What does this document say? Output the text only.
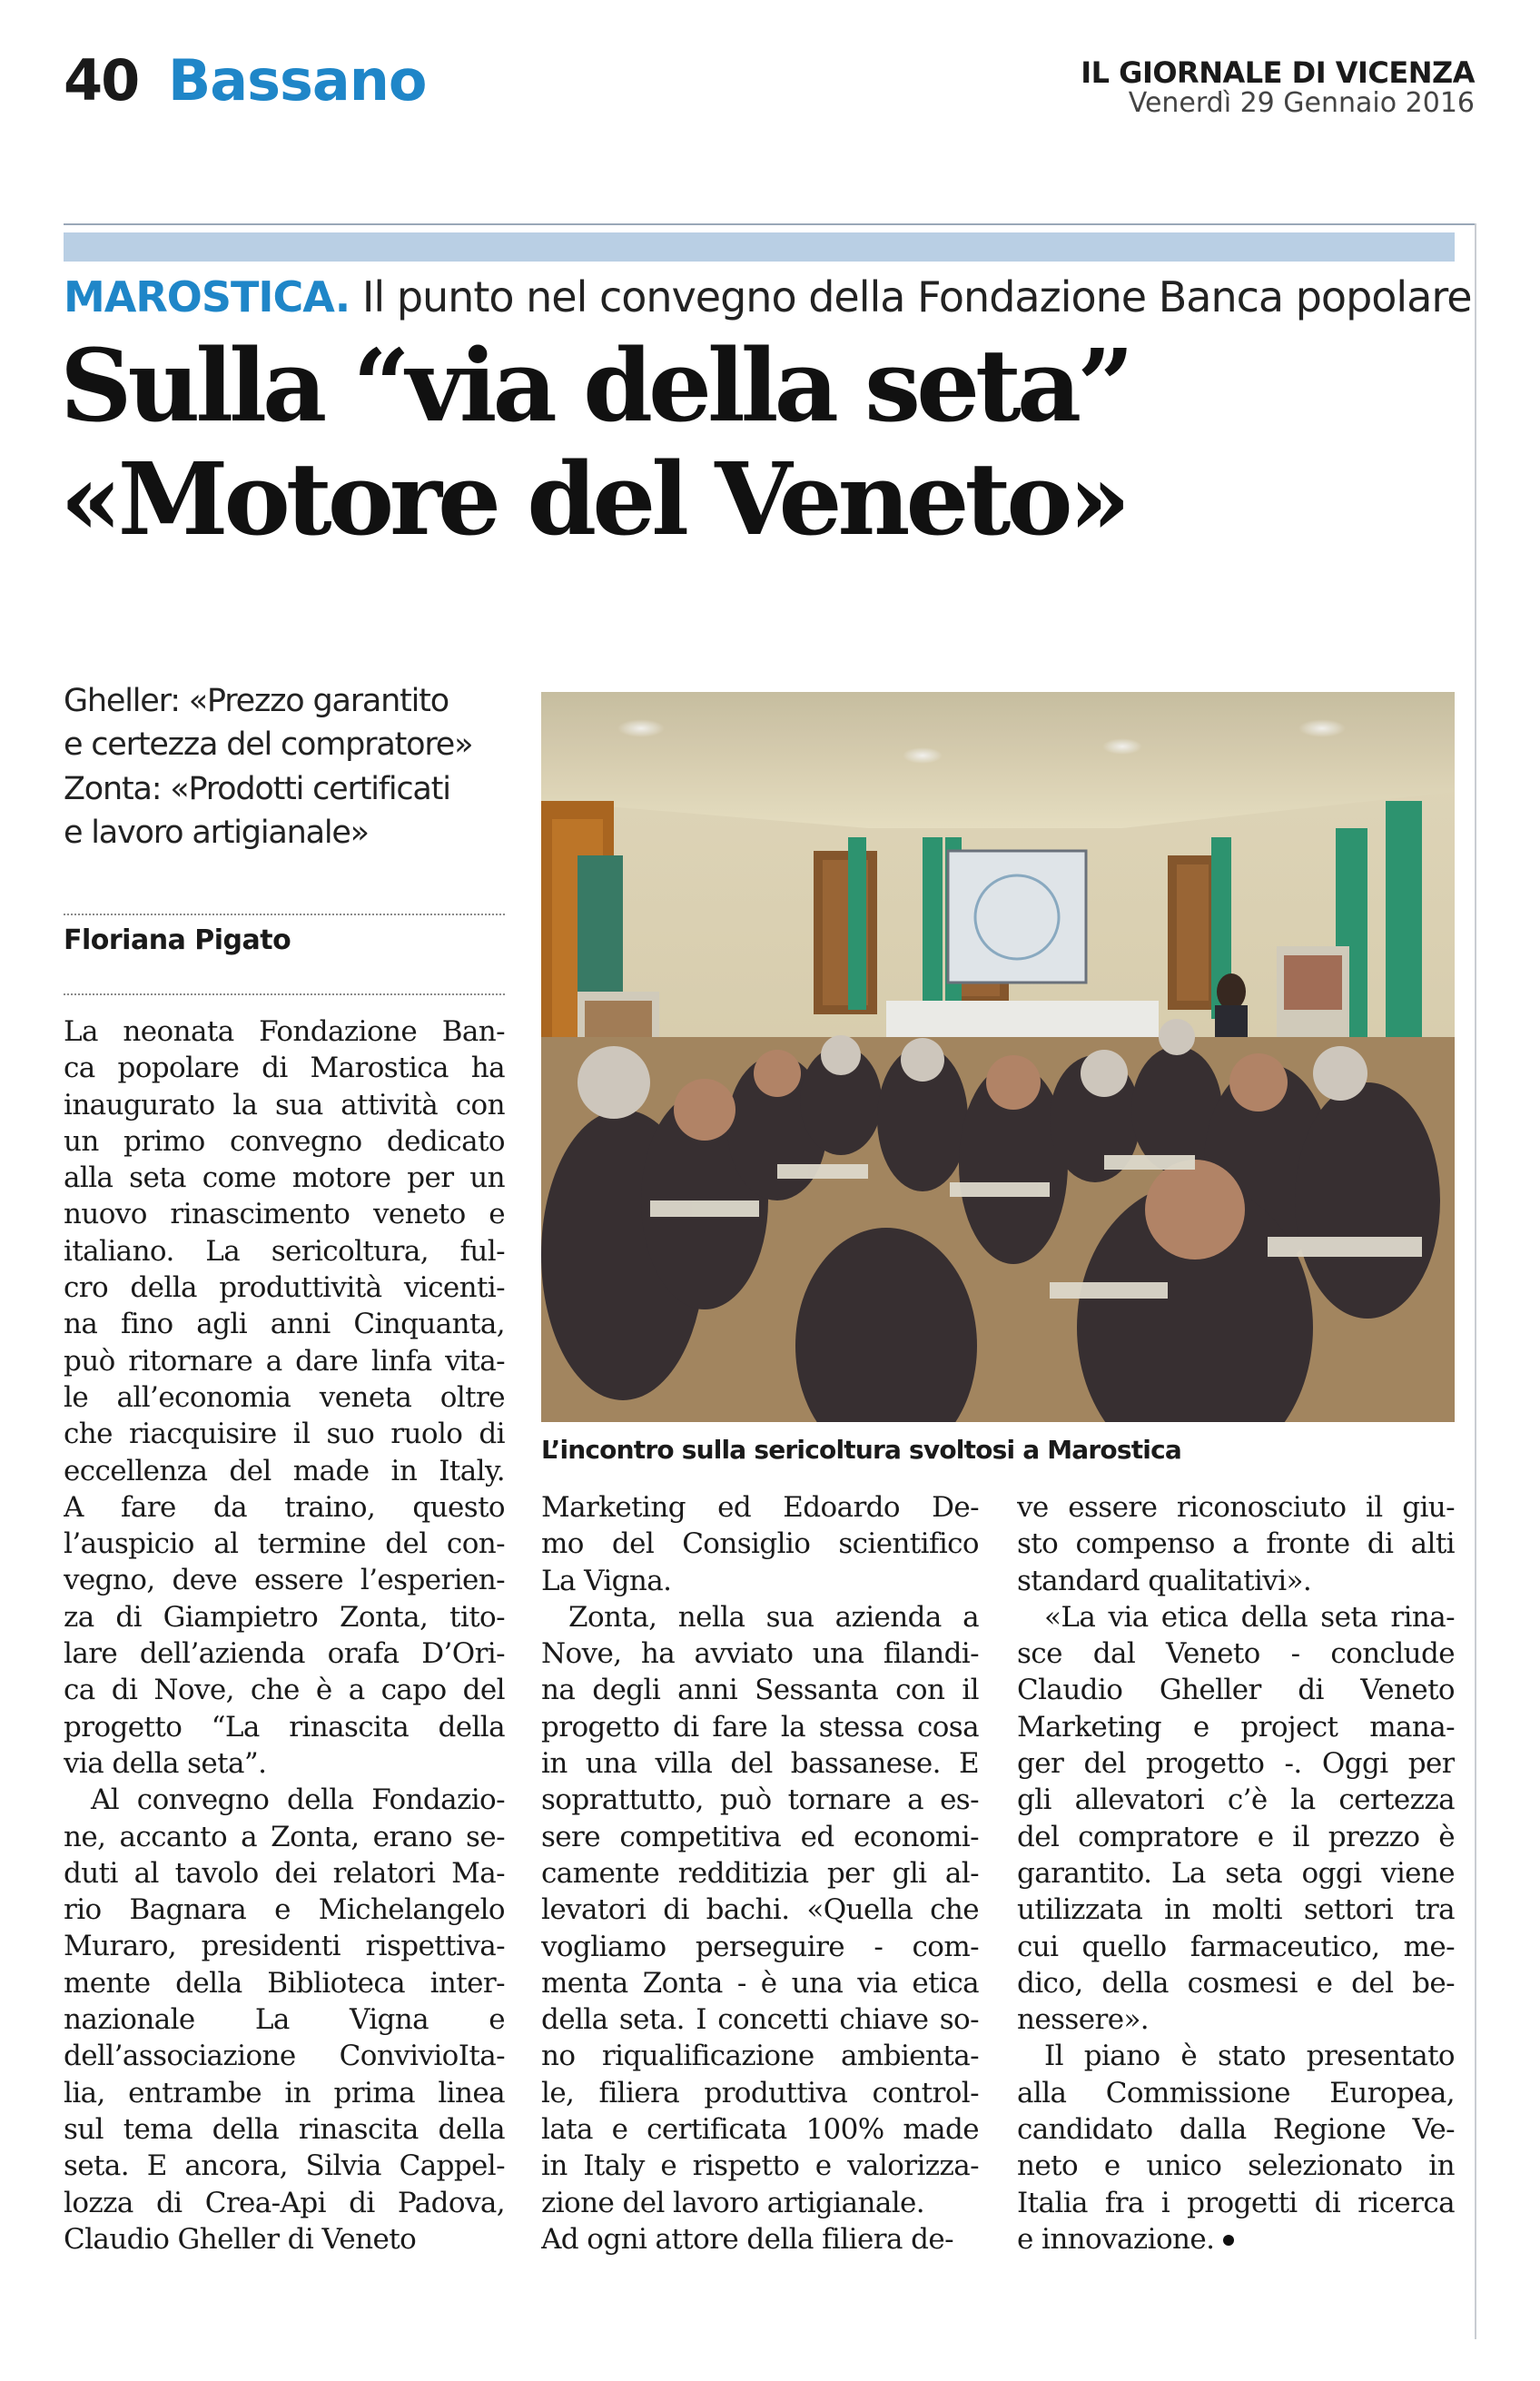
40 Bassano	IL GIORNALE DI VICENZA
Venerdì 29 Gennaio 2016
MAROSTICA. Il punto nel convegno della Fondazione Banca popolare
Sulla “via della seta”
«Motore del Veneto»
Gheller: «Prezzo garantito
e certezza del compratore»
Zonta: «Prodotti certificati
e lavoro artigianale»
Floriana Pigato
L’incontro sulla sericoltura svoltosi a Marostica
La neonata Fondazione Ban-
ca popolare di Marostica ha
inaugurato la sua attività con
un primo convegno dedicato
alla seta come motore per un
nuovo rinascimento veneto e
italiano. La sericoltura, ful-
cro della produttività vicenti-
na fino agli anni Cinquanta,
può ritornare a dare linfa vita-
le all’economia veneta oltre
che riacquisire il suo ruolo di
eccellenza del made in Italy.
A fare da traino, questo
l’auspicio al termine del con-
vegno, deve essere l’esperien-
za di Giampietro Zonta, tito-
lare dell’azienda orafa D’Ori-
ca di Nove, che è a capo del
progetto “La rinascita della
via della seta”.
Al convegno della Fondazio-
ne, accanto a Zonta, erano se-
duti al tavolo dei relatori Ma-
rio Bagnara e Michelangelo
Muraro, presidenti rispettiva-
mente della Biblioteca inter-
nazionale La Vigna e
dell’associazione ConvivioIta-
lia, entrambe in prima linea
sul tema della rinascita della
seta. E ancora, Silvia Cappel-
lozza di Crea-Api di Padova,
Claudio Gheller di Veneto
Marketing ed Edoardo De-
mo del Consiglio scientifico
La Vigna.
Zonta, nella sua azienda a
Nove, ha avviato una filandi-
na degli anni Sessanta con il
progetto di fare la stessa cosa
in una villa del bassanese. E
soprattutto, può tornare a es-
sere competitiva ed economi-
camente redditizia per gli al-
levatori di bachi. «Quella che
vogliamo perseguire - com-
menta Zonta - è una via etica
della seta. I concetti chiave so-
no riqualificazione ambienta-
le, filiera produttiva control-
lata e certificata 100% made
in Italy e rispetto e valorizza-
zione del lavoro artigianale.
Ad ogni attore della filiera de-
ve essere riconosciuto il giu-
sto compenso a fronte di alti
standard qualitativi».
«La via etica della seta rina-
sce dal Veneto - conclude
Claudio Gheller di Veneto
Marketing e project mana-
ger del progetto -. Oggi per
gli allevatori c’è la certezza
del compratore e il prezzo è
garantito. La seta oggi viene
utilizzata in molti settori tra
cui quello farmaceutico, me-
dico, della cosmesi e del be-
nessere».
Il piano è stato presentato
alla Commissione Europea,
candidato dalla Regione Ve-
neto e unico selezionato in
Italia fra i progetti di ricerca
e innovazione.
